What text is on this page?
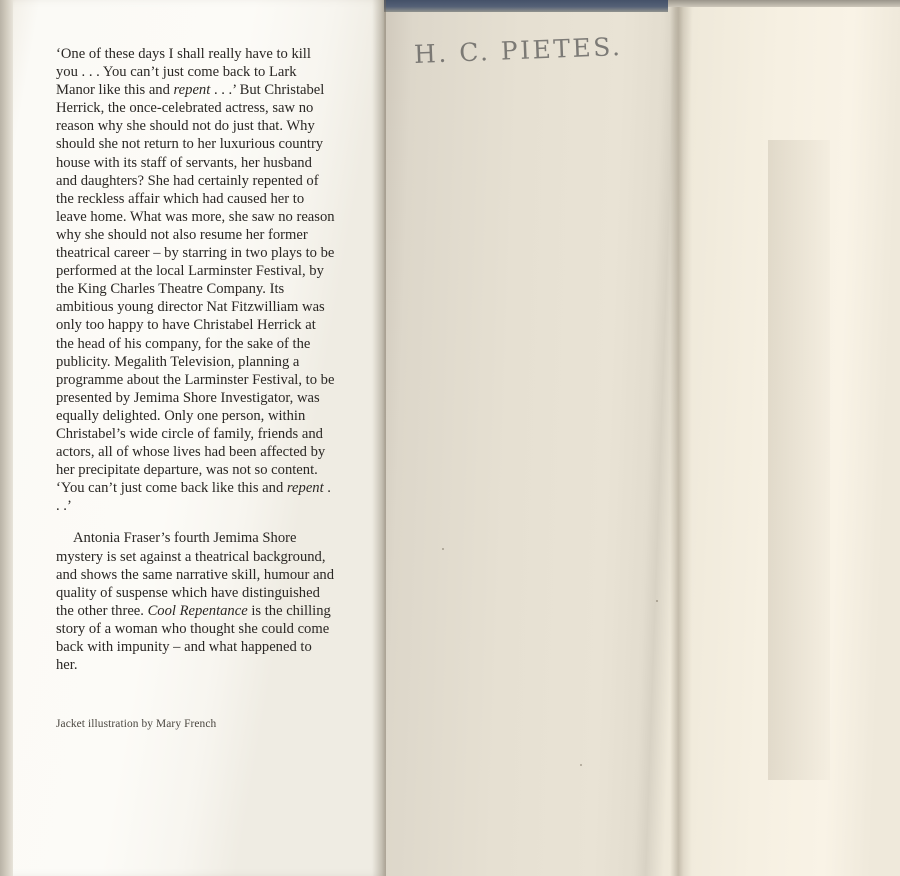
H. C. PIETES.

‘One of these days I shall really have to kill you . . . You can’t just come back to Lark Manor like this and repent . . .’ But Christabel Herrick, the once-celebrated actress, saw no reason why she should not do just that. Why should she not return to her luxurious country house with its staff of servants, her husband and daughters? She had certainly repented of the reckless affair which had caused her to leave home. What was more, she saw no reason why she should not also resume her former theatrical career – by starring in two plays to be performed at the local Larminster Festival, by the King Charles Theatre Company. Its ambitious young director Nat Fitzwilliam was only too happy to have Christabel Herrick at the head of his company, for the sake of the publicity. Megalith Television, planning a programme about the Larminster Festival, to be presented by Jemima Shore Investigator, was equally delighted. Only one person, within Christabel’s wide circle of family, friends and actors, all of whose lives had been affected by her precipitate departure, was not so content. ‘You can’t just come back like this and repent . . .’

Antonia Fraser’s fourth Jemima Shore mystery is set against a theatrical background, and shows the same narrative skill, humour and quality of suspense which have distinguished the other three. Cool Repentance is the chilling story of a woman who thought she could come back with impunity – and what happened to her.

Jacket illustration by Mary French
